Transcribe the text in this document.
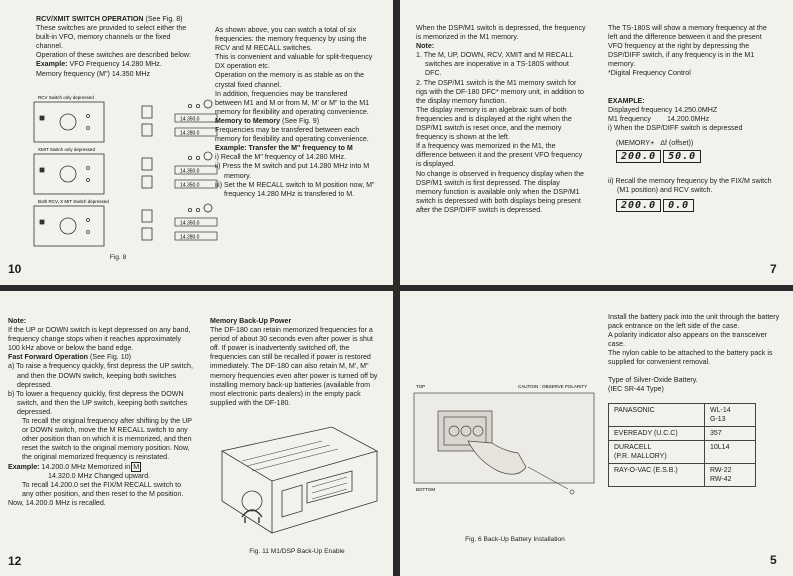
RCV/XMIT SWITCH OPERATION (See Fig. 8)

These switches are provided to select either the built-in VFO, memory channels or the fixed channel.

Operation of these switches are described below:

Example: VFO Frequency 14.280 MHz.

Memory frequency (M") 14.350 MHz

RCV Switch only depressed
XMIT Switch only depressed
Both RCV, X MIT Switch depressed
14.350.0
14.280.0
14.350.0
14.350.0
14.350.0
14.280.0
Fig. 8

As shown above, you can watch a total of six frequencies: the memory frequency by using the RCV and M RECALL switches.

This is convenient and valuable for split-frequency DX operation etc.

Operation on the memory is as stable as on the crystal fixed channel.

In addition, frequencies may be transfered between M1 and M or from M, M' or M" to the M1 memory for flexibility and operating convenience.

Memory to Memory (See Fig. 9)

Frequencies may be transfered between each memory for flexibility and operating convenience.

Example: Transfer the M" frequency to M

i) Recall the M" frequency of 14.280 MHz.

ii) Press the M switch and put 14.280 MHz into M memory.

iii) Set the M RECALL switch to M position now, M" frequency 14.280 MHz is transfered to M.

10

When the DSP/M1 switch is depressed, the frequency is memorized in the M1 memory.

Note:

1. The M, UP, DOWN, RCV, XMIT and M RECALL switches are inoperative in a TS-180S without DFC.

2. The DSP/M1 switch is the M1 memory switch for rigs with the DF-180 DFC* memory unit, in addition to the display memory function.

The display memory is an algebraic sum of both frequencies and is displayed at the right when the DSP/M1 switch is reset once, and the memory frequency is shown at the left.

If a frequency was memorized in the M1, the difference between it and the present VFO frequency is displayed.

No change is observed in frequency display when the DSP/M1 switch is first depressed. The display memory function is available only when the DSP/M1 switch is depressed with both displays being present after the DSP/DIFF switch is depressed.

The TS-180S will show a memory frequency at the left and the difference between it and the present VFO frequency at the right by depressing the DSP/DIFF switch, if any frequency is in the M1 memory.

*Digital Frequency Control

EXAMPLE:

Displayed frequency 14.250.0MHZ

M1 frequency 14.200.0MHz

i) When the DSP/DIFF switch is depressed

(MEMORY+ Δf (offset))

200.0 50.0

ii) Recall the memory frequency by the FIX/M switch (M1 position) and RCV switch.

200.0 0.0

7

Note:

If the UP or DOWN switch is kept depressed on any band, frequency change stops when it reaches approximately 100 kHz above or below the band edge.

Fast Forward Operation (See Fig. 10)

a) To raise a frequency quickly, first depress the UP switch, and then the DOWN switch, keeping both switches depressed.

b) To lower a frequency quickly, first depress the DOWN switch, and then the UP switch, keeping both switches depressed.

To recall the original frequency after shifting by the UP or DOWN switch, move the M RECALL switch to any other position than on which it is memorized, and then reset the switch to the original memory position. Now, the original memorized frequency is reinstated.

Example: 14.200.0 MHz Memorized in M

14.320.0 MHz Changed upward.

To recall 14.200.0 set the FIX/M RECALL switch to any other position, and then reset to the M position.

Now, 14.200.0 MHz is recalled.

Memory Back-Up Power

The DF-180 can retain memorized frequencies for a period of about 30 seconds even after power is shut off. If power is inadvertently switched off, the frequencies can still be recalled if power is restored immediately. The DF-180 can also retain M, M', M" memory frequencies even after power is turned off by installing memory back-up batteries (available from most electronic parts dealers) in the empty pack supplied with the DF-180.

Fig. 11 M1/DSP Back-Up Enable
12
TOP	CAUTION : OBSERVE POLARITY
BOTTOM
Fig. 6 Back-Up Battery Installation

Install the battery pack into the unit through the battery pack entrance on the left side of the case.

A polarity indicator also appears on the transceiver case.

The nylon cable to be attached to the battery pack is supplied for convenient removal.

Type of Silver-Oxide Battery.

(IEC SR-44 Type)

PANASONIC	WL-14
G-13
EVEREADY (U.C.C)	357
DURACELL
(P.R. MALLORY)	10L14
RAY-O-VAC (E.S.B.)	RW-22
RW-42
5
